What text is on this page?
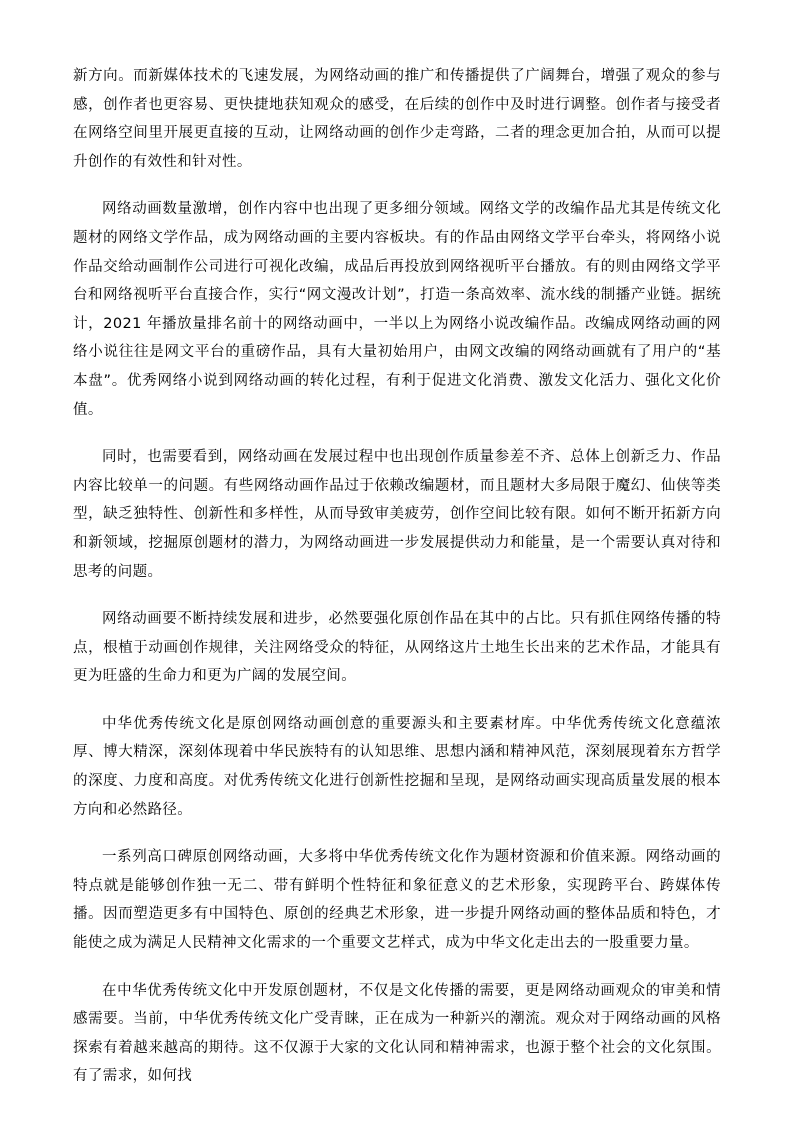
新方向。而新媒体技术的飞速发展，为网络动画的推广和传播提供了广阔舞台，增强了观众的参与感，创作者也更容易、更快捷地获知观众的感受，在后续的创作中及时进行调整。创作者与接受者在网络空间里开展更直接的互动，让网络动画的创作少走弯路，二者的理念更加合拍，从而可以提升创作的有效性和针对性。

网络动画数量激增，创作内容中也出现了更多细分领域。网络文学的改编作品尤其是传统文化题材的网络文学作品，成为网络动画的主要内容板块。有的作品由网络文学平台牵头，将网络小说作品交给动画制作公司进行可视化改编，成品后再投放到网络视听平台播放。有的则由网络文学平台和网络视听平台直接合作，实行“网文漫改计划”，打造一条高效率、流水线的制播产业链。据统计，2021 年播放量排名前十的网络动画中，一半以上为网络小说改编作品。改编成网络动画的网络小说往往是网文平台的重磅作品，具有大量初始用户，由网文改编的网络动画就有了用户的“基本盘”。优秀网络小说到网络动画的转化过程，有利于促进文化消费、激发文化活力、强化文化价值。

同时，也需要看到，网络动画在发展过程中也出现创作质量参差不齐、总体上创新乏力、作品内容比较单一的问题。有些网络动画作品过于依赖改编题材，而且题材大多局限于魔幻、仙侠等类型，缺乏独特性、创新性和多样性，从而导致审美疲劳，创作空间比较有限。如何不断开拓新方向和新领域，挖掘原创题材的潜力，为网络动画进一步发展提供动力和能量，是一个需要认真对待和思考的问题。

网络动画要不断持续发展和进步，必然要强化原创作品在其中的占比。只有抓住网络传播的特点，根植于动画创作规律，关注网络受众的特征，从网络这片土地生长出来的艺术作品，才能具有更为旺盛的生命力和更为广阔的发展空间。

中华优秀传统文化是原创网络动画创意的重要源头和主要素材库。中华优秀传统文化意蕴浓厚、博大精深，深刻体现着中华民族特有的认知思维、思想内涵和精神风范，深刻展现着东方哲学的深度、力度和高度。对优秀传统文化进行创新性挖掘和呈现，是网络动画实现高质量发展的根本方向和必然路径。

一系列高口碑原创网络动画，大多将中华优秀传统文化作为题材资源和价值来源。网络动画的特点就是能够创作独一无二、带有鲜明个性特征和象征意义的艺术形象，实现跨平台、跨媒体传播。因而塑造更多有中国特色、原创的经典艺术形象，进一步提升网络动画的整体品质和特色，才能使之成为满足人民精神文化需求的一个重要文艺样式，成为中华文化走出去的一股重要力量。

在中华优秀传统文化中开发原创题材，不仅是文化传播的需要，更是网络动画观众的审美和情感需要。当前，中华优秀传统文化广受青睐，正在成为一种新兴的潮流。观众对于网络动画的风格探索有着越来越高的期待。这不仅源于大家的文化认同和精神需求，也源于整个社会的文化氛围。有了需求，如何找
